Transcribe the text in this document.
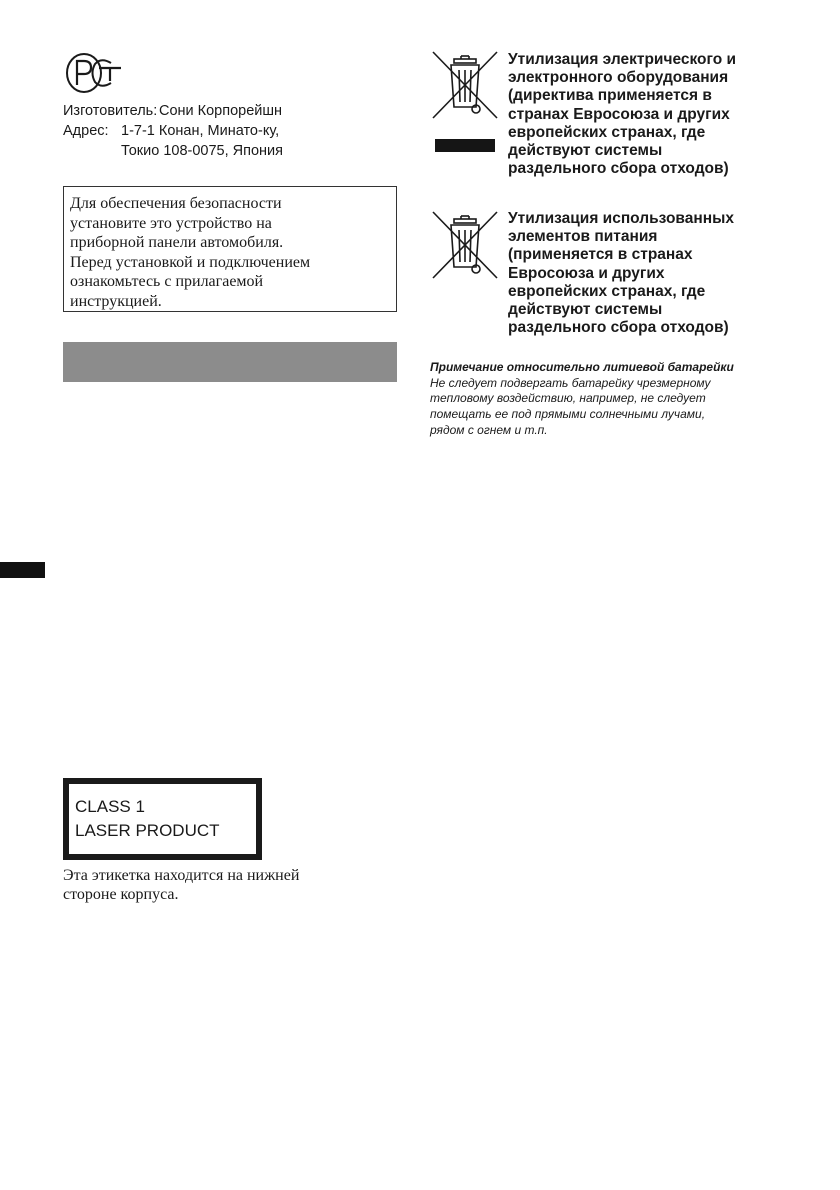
Изготовитель: Сони Корпорейшн
Адрес: 1-7-1 Конан, Минато-ку,
Токио 108-0075, Япония
Для обеспечения безопасности
установите это устройство на
приборной панели автомобиля.
Перед установкой и подключением
ознакомьтесь с прилагаемой
инструкцией.
CLASS 1
LASER PRODUCT
Эта этикетка находится на нижней
стороне корпуса.
Утилизация электрического и
электронного оборудования
(директива применяется в
странах Евросоюза и других
европейских странах, где
действуют системы
раздельного сбора отходов)
Утилизация использованных
элементов питания
(применяется в странах
Евросоюза и других
европейских странах, где
действуют системы
раздельного сбора отходов)
Примечание относительно литиевой батарейки
Не следует подвергать батарейку чрезмерному
тепловому воздействию, например, не следует
помещать ее под прямыми солнечными лучами,
рядом с огнем и т.п.
